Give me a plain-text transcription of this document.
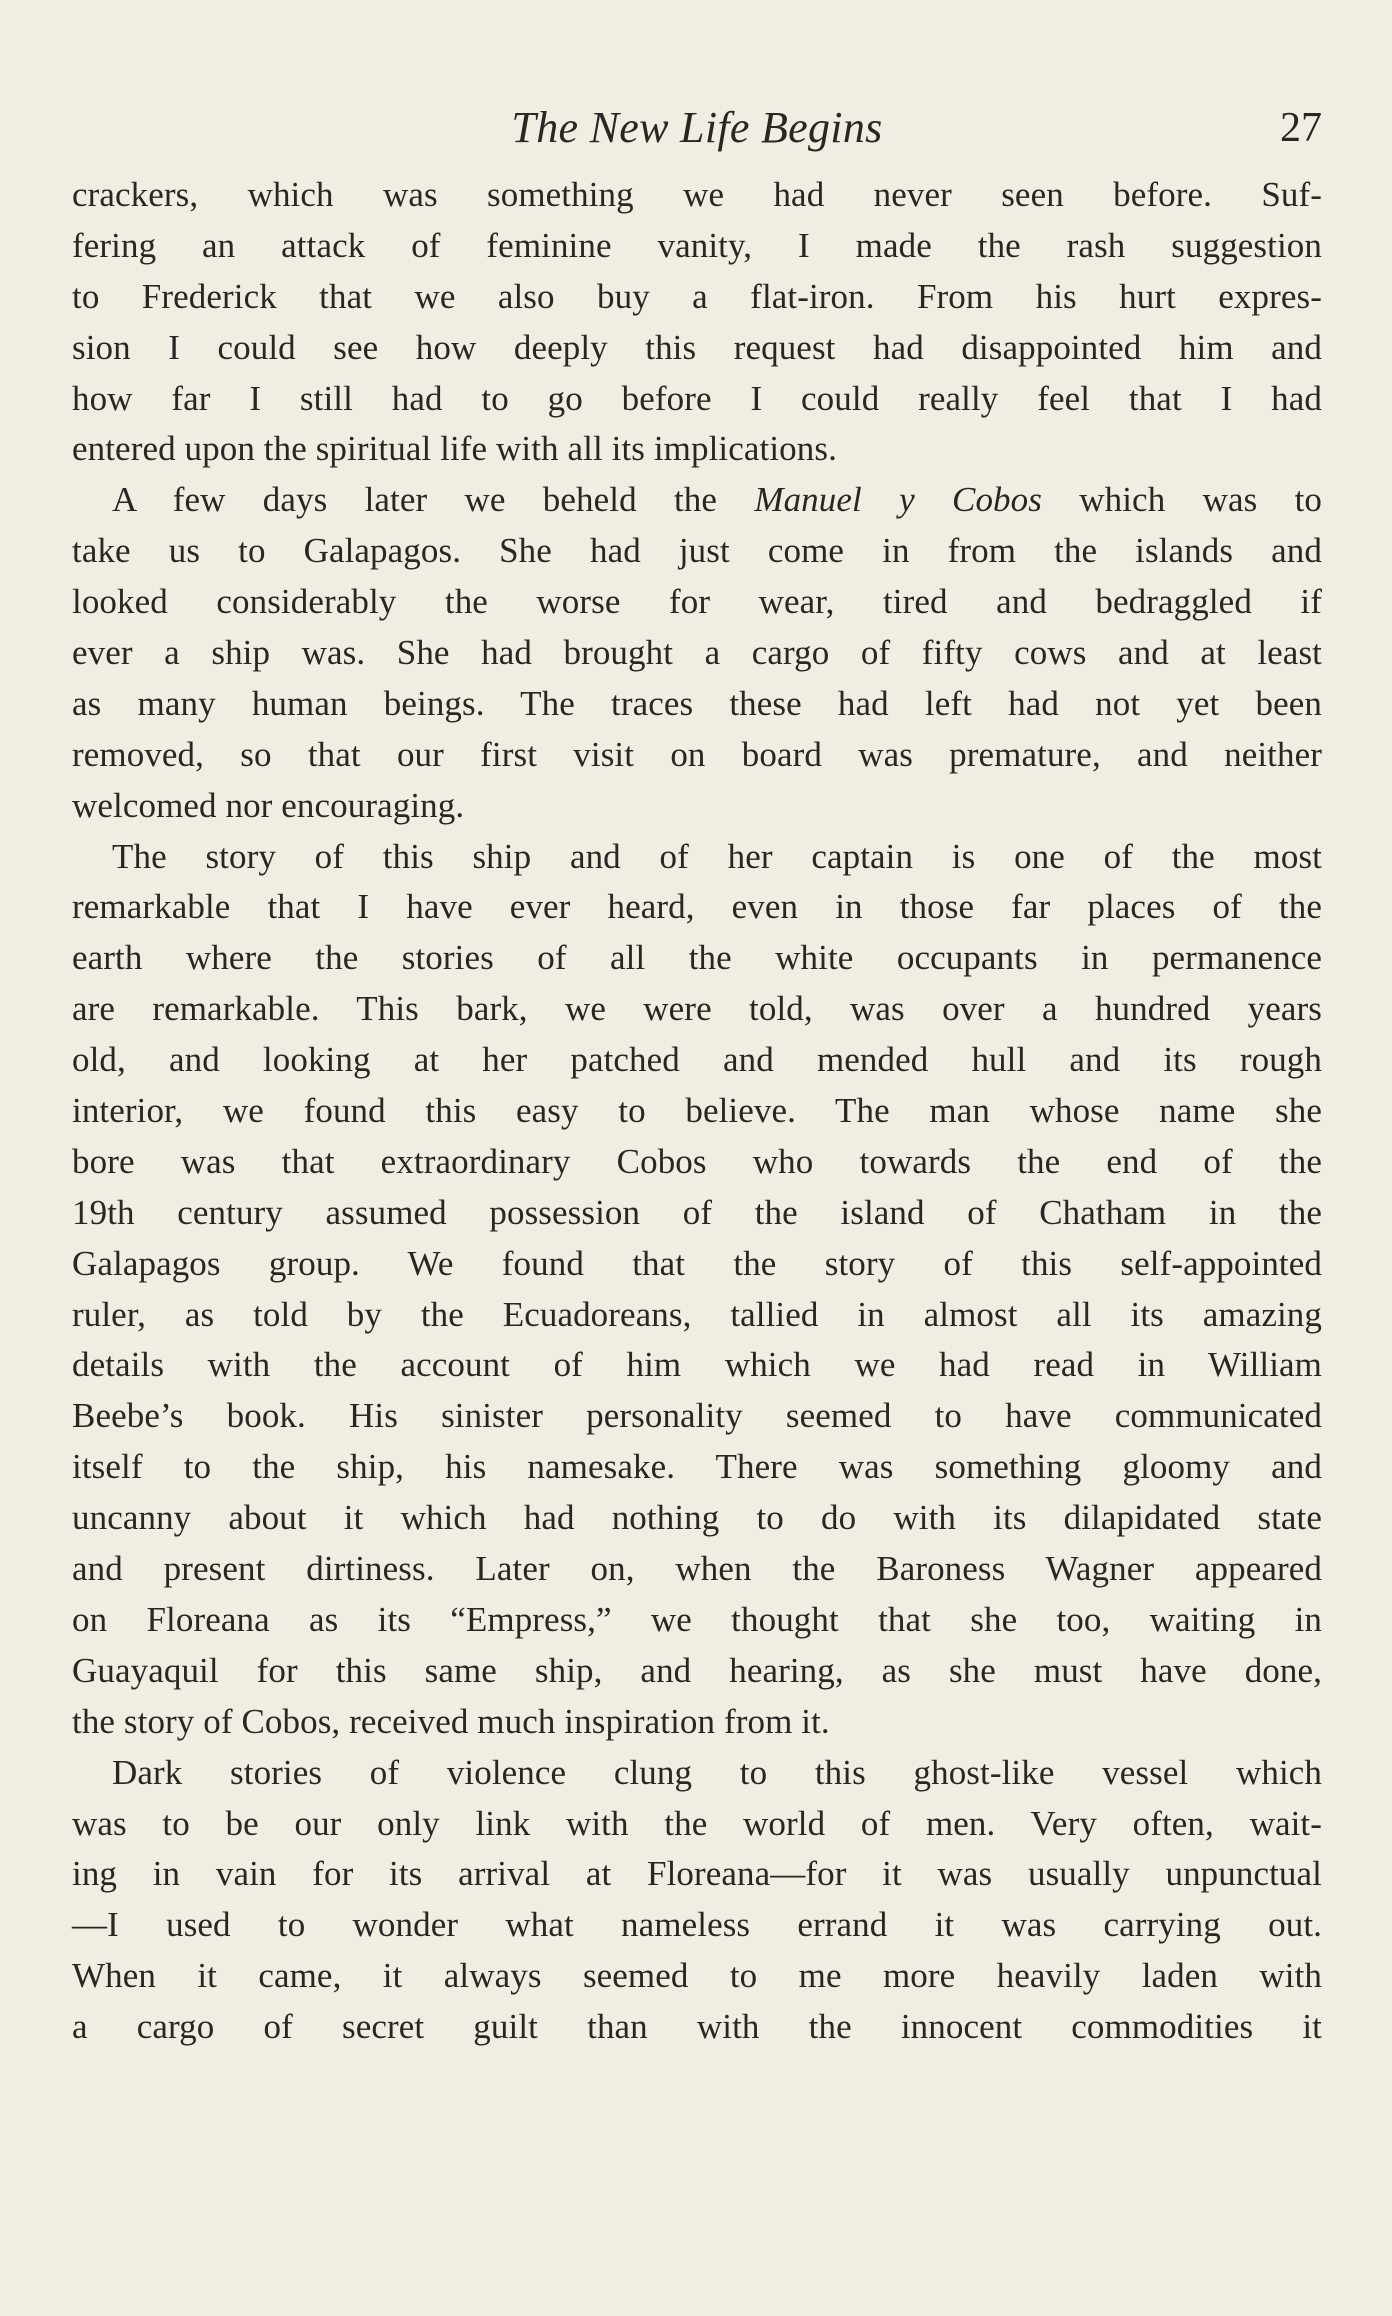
The New Life Begins	27
crackers, which was something we had never seen before. Suf-
fering an attack of feminine vanity, I made the rash suggestion
to Frederick that we also buy a flat-iron. From his hurt expres-
sion I could see how deeply this request had disappointed him and
how far I still had to go before I could really feel that I had
entered upon the spiritual life with all its implications.
A few days later we beheld the Manuel y Cobos which was to
take us to Galapagos. She had just come in from the islands and
looked considerably the worse for wear, tired and bedraggled if
ever a ship was. She had brought a cargo of fifty cows and at least
as many human beings. The traces these had left had not yet been
removed, so that our first visit on board was premature, and neither
welcomed nor encouraging.
The story of this ship and of her captain is one of the most
remarkable that I have ever heard, even in those far places of the
earth where the stories of all the white occupants in permanence
are remarkable. This bark, we were told, was over a hundred years
old, and looking at her patched and mended hull and its rough
interior, we found this easy to believe. The man whose name she
bore was that extraordinary Cobos who towards the end of the
19th century assumed possession of the island of Chatham in the
Galapagos group. We found that the story of this self-appointed
ruler, as told by the Ecuadoreans, tallied in almost all its amazing
details with the account of him which we had read in William
Beebe’s book. His sinister personality seemed to have communicated
itself to the ship, his namesake. There was something gloomy and
uncanny about it which had nothing to do with its dilapidated state
and present dirtiness. Later on, when the Baroness Wagner appeared
on Floreana as its “Empress,” we thought that she too, waiting in
Guayaquil for this same ship, and hearing, as she must have done,
the story of Cobos, received much inspiration from it.
Dark stories of violence clung to this ghost-like vessel which
was to be our only link with the world of men. Very often, wait-
ing in vain for its arrival at Floreana—for it was usually unpunctual
—I used to wonder what nameless errand it was carrying out.
When it came, it always seemed to me more heavily laden with
a cargo of secret guilt than with the innocent commodities it
